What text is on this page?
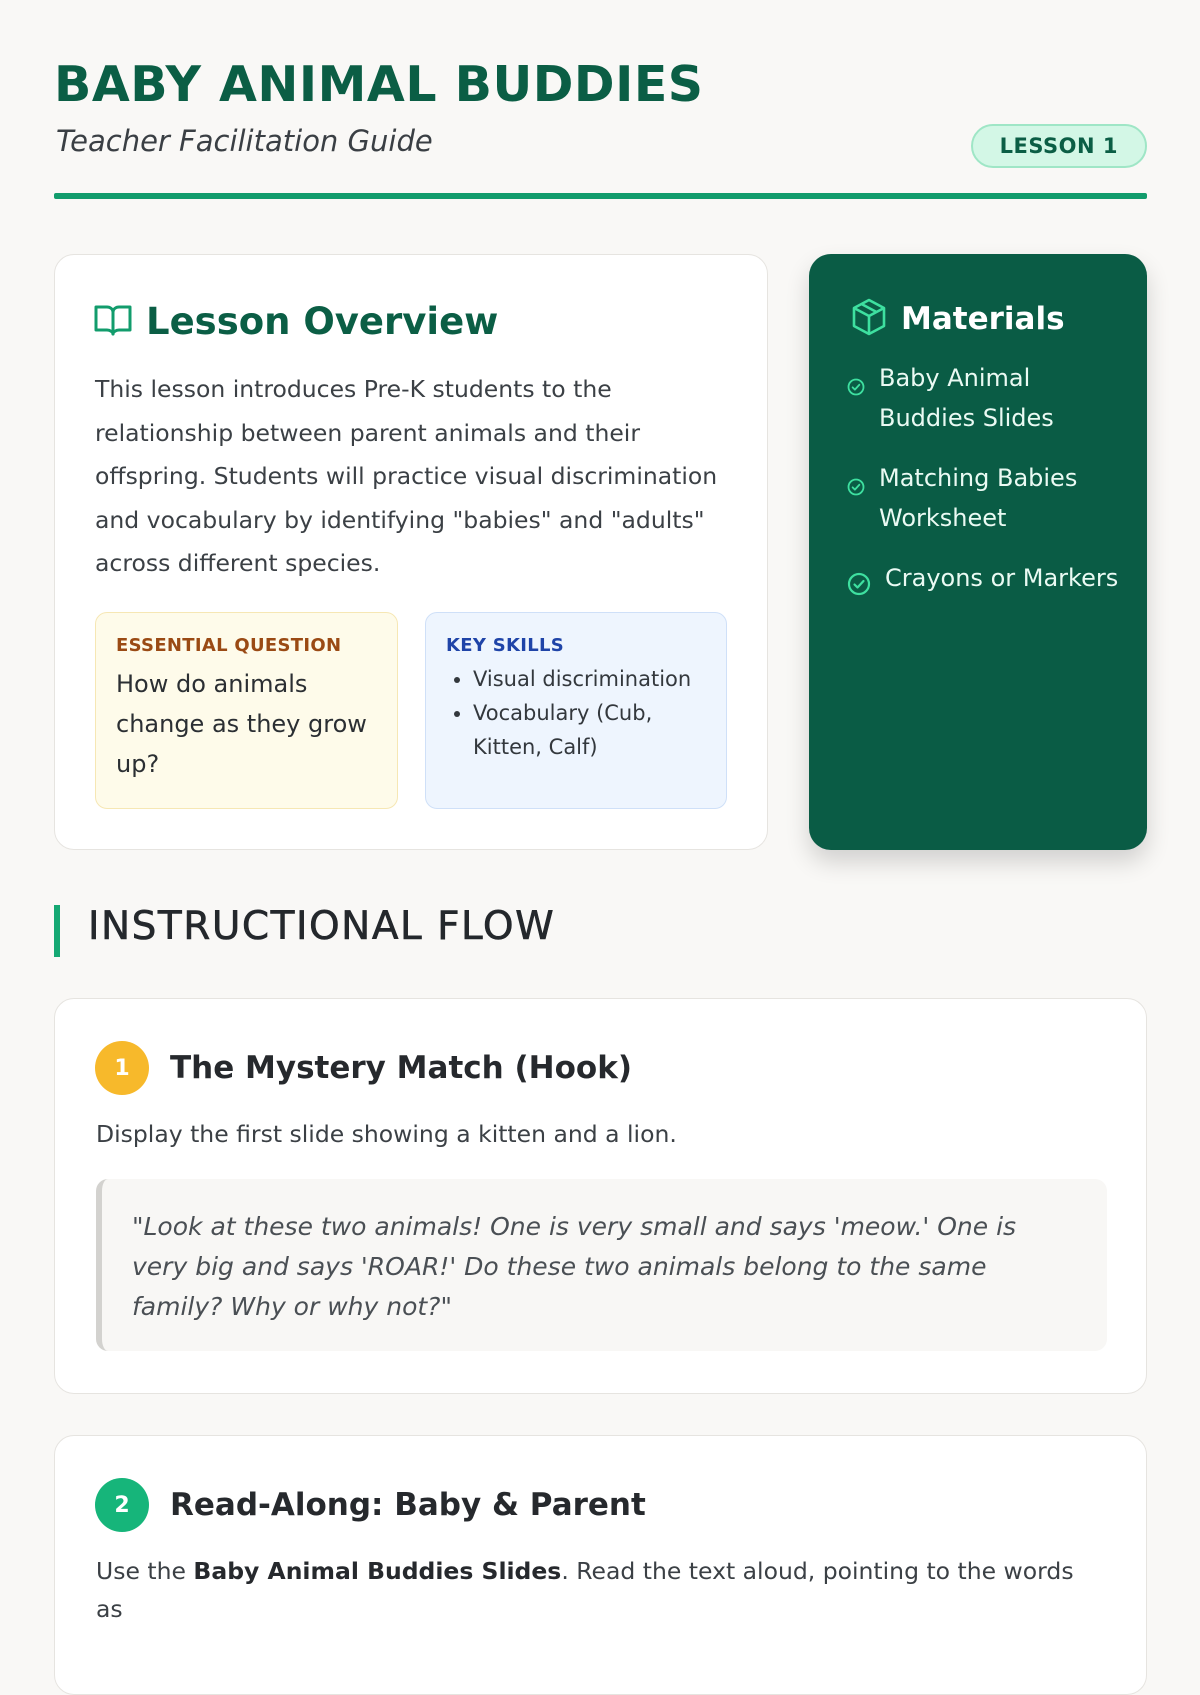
BABY ANIMAL BUDDIES
Teacher Facilitation Guide	LESSON 1
Lesson Overview
This lesson introduces Pre-K students to the relationship between parent animals and their offspring. Students will practice visual discrimination and vocabulary by identifying "babies" and "adults" across different species.
ESSENTIAL QUESTION
How do animals change as they grow up?
KEY SKILLS
• Visual discrimination
• Vocabulary (Cub, Kitten, Calf)
Materials
Baby Animal Buddies Slides
Matching Babies Worksheet
Crayons or Markers
INSTRUCTIONAL FLOW
1	The Mystery Match (Hook)
Display the first slide showing a kitten and a lion.
"Look at these two animals! One is very small and says 'meow.' One is very big and says 'ROAR!' Do these two animals belong to the same family? Why or why not?"
2	Read-Along: Baby & Parent
Use the Baby Animal Buddies Slides. Read the text aloud, pointing to the words as
